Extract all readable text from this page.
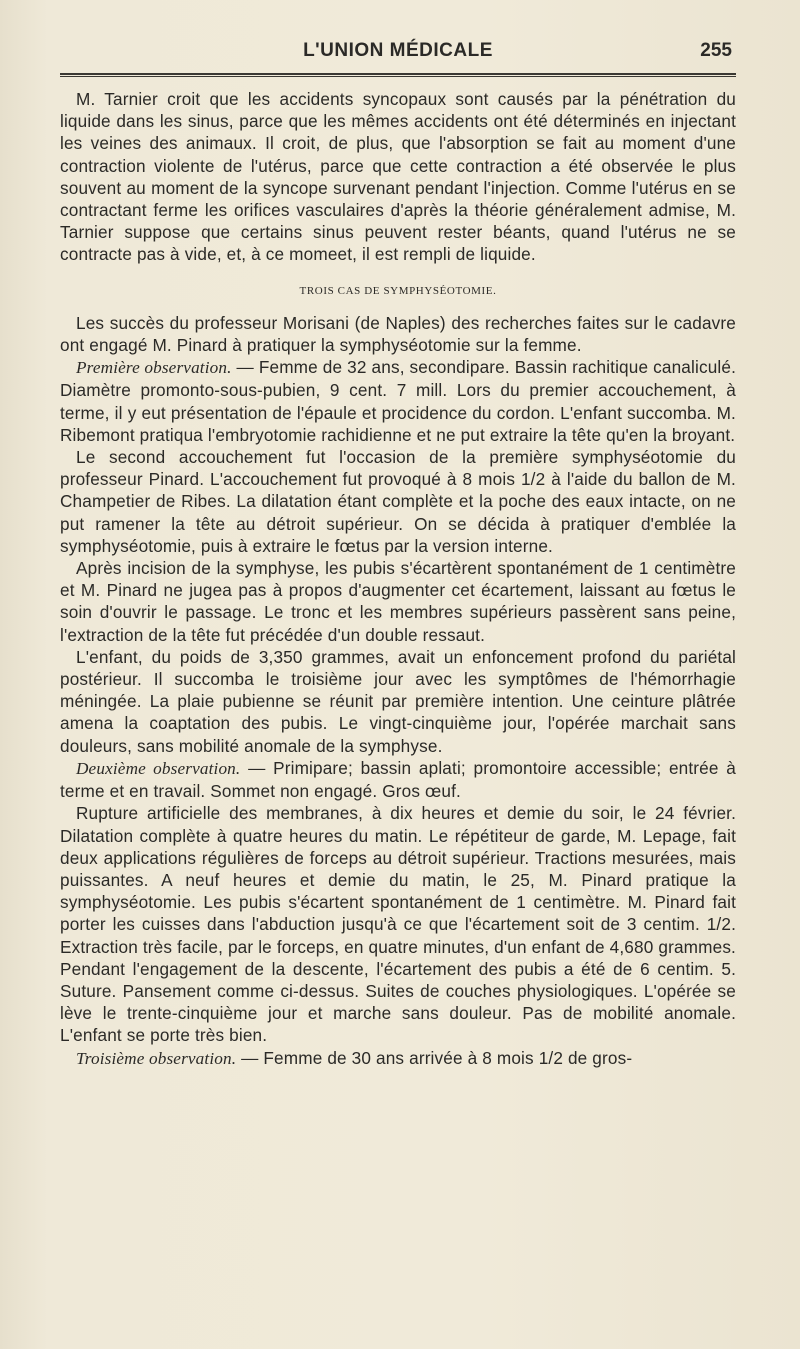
L'UNION MÉDICALE	255

M. Tarnier croit que les accidents syncopaux sont causés par la pénétration du liquide dans les sinus, parce que les mêmes accidents ont été déterminés en injectant les veines des animaux. Il croit, de plus, que l'absorption se fait au moment d'une contraction violente de l'utérus, parce que cette contraction a été observée le plus souvent au moment de la syncope survenant pendant l'injection. Comme l'utérus en se contractant ferme les orifices vasculaires d'après la théorie généralement admise, M. Tarnier suppose que certains sinus peuvent rester béants, quand l'utérus ne se contracte pas à vide, et, à ce momeet, il est rempli de liquide.

TROIS CAS DE SYMPHYSÉOTOMIE.

Les succès du professeur Morisani (de Naples) des recherches faites sur le cadavre ont engagé M. Pinard à pratiquer la symphyséotomie sur la femme.

Première observation. — Femme de 32 ans, secondipare. Bassin rachitique canaliculé. Diamètre promonto-sous-pubien, 9 cent. 7 mill. Lors du premier accouchement, à terme, il y eut présentation de l'épaule et procidence du cordon. L'enfant succomba. M. Ribemont pratiqua l'embryotomie rachidienne et ne put extraire la tête qu'en la broyant.

Le second accouchement fut l'occasion de la première symphyséotomie du professeur Pinard. L'accouchement fut provoqué à 8 mois 1/2 à l'aide du ballon de M. Champetier de Ribes. La dilatation étant complète et la poche des eaux intacte, on ne put ramener la tête au détroit supérieur. On se décida à pratiquer d'emblée la symphyséotomie, puis à extraire le fœtus par la version interne.

Après incision de la symphyse, les pubis s'écartèrent spontanément de 1 centimètre et M. Pinard ne jugea pas à propos d'augmenter cet écartement, laissant au fœtus le soin d'ouvrir le passage. Le tronc et les membres supérieurs passèrent sans peine, l'extraction de la tête fut précédée d'un double ressaut.

L'enfant, du poids de 3,350 grammes, avait un enfoncement profond du pariétal postérieur. Il succomba le troisième jour avec les symptômes de l'hémorrhagie méningée. La plaie pubienne se réunit par première intention. Une ceinture plâtrée amena la coaptation des pubis. Le vingt-cinquième jour, l'opérée marchait sans douleurs, sans mobilité anomale de la symphyse.

Deuxième observation. — Primipare; bassin aplati; promontoire accessible; entrée à terme et en travail. Sommet non engagé. Gros œuf.

Rupture artificielle des membranes, à dix heures et demie du soir, le 24 février. Dilatation complète à quatre heures du matin. Le répétiteur de garde, M. Lepage, fait deux applications régulières de forceps au détroit supérieur. Tractions mesurées, mais puissantes. A neuf heures et demie du matin, le 25, M. Pinard pratique la symphyséotomie. Les pubis s'écartent spontanément de 1 centimètre. M. Pinard fait porter les cuisses dans l'abduction jusqu'à ce que l'écartement soit de 3 centim. 1/2. Extraction très facile, par le forceps, en quatre minutes, d'un enfant de 4,680 grammes. Pendant l'engagement de la descente, l'écartement des pubis a été de 6 centim. 5. Suture. Pansement comme ci-dessus. Suites de couches physiologiques. L'opérée se lève le trente-cinquième jour et marche sans douleur. Pas de mobilité anomale. L'enfant se porte très bien.

Troisième observation. — Femme de 30 ans arrivée à 8 mois 1/2 de gros-
